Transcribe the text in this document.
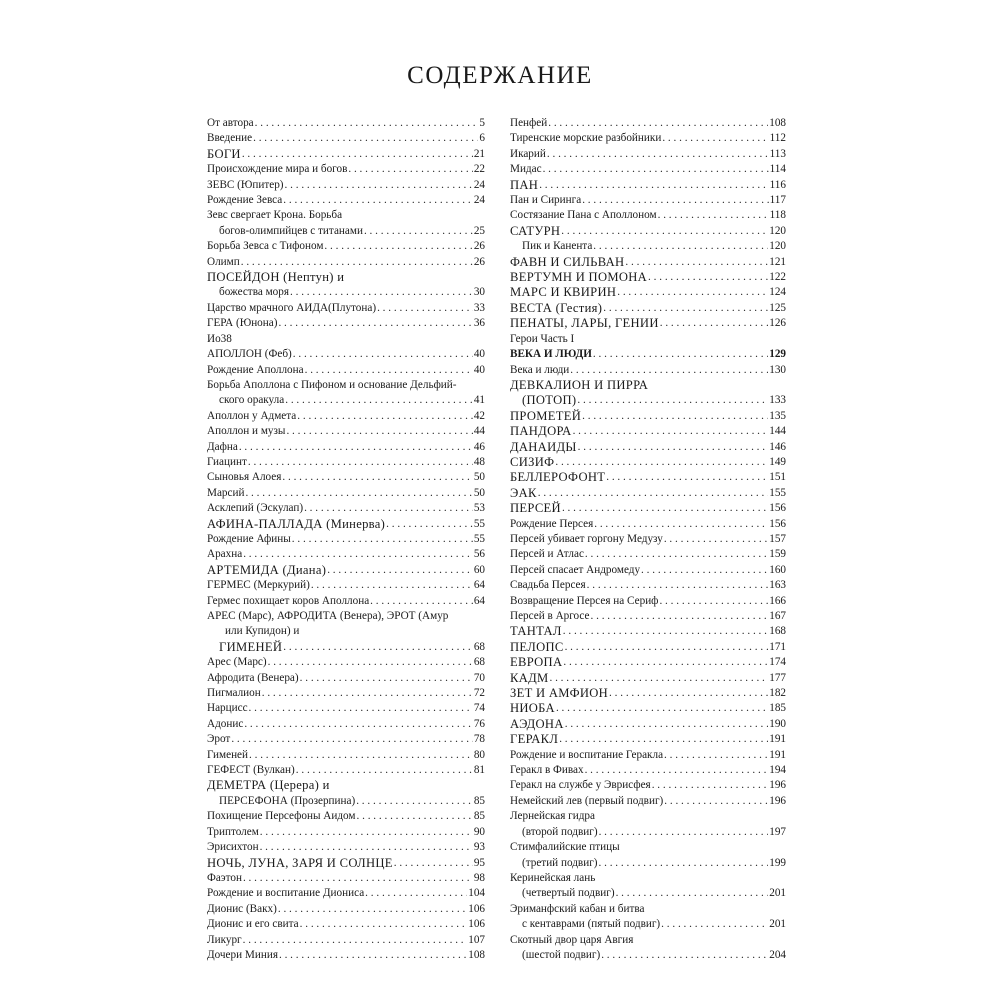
СОДЕРЖАНИЕ
От автора . . .	5
Введение . . .	6
БОГИ . . .	21
Происхождение мира и богов . . .	22
ЗЕВС (Юпитер) . . .	24
Рождение Зевса . . .	24
Зевс свергает Крона. Борьба
богов-олимпийцев с титанами . . .	25
Борьба Зевса с Тифоном . . .	26
Олимп . . .	26
ПОСЕЙДОН (Нептун) и
божества моря . . .	30
Царство мрачного АИДА(Плутона) . . .	33
ГЕРА (Юнона) . . .	36
Ио38
АПОЛЛОН (Феб) . . .	40
Рождение Аполлона . . .	40
Борьба Аполлона с Пифоном и основание Дельфий-
ского оракула . . .	41
Аполлон у Адмета . . .	42
Аполлон и музы . . .	44
Дафна . . .	46
Гиацинт . . .	48
Сыновья Алоея . . .	50
Марсий . . .	50
Асклепий (Эскулап) . . .	53
АФИНА-ПАЛЛАДА (Минерва) . . .	55
Рождение Афины . . .	55
Арахна . . .	56
АРТЕМИДА (Диана) . . .	60
ГЕРМЕС (Меркурий) . . .	64
Гермес похищает коров Аполлона . . .	64
АРЕС (Марс), АФРОДИТА (Венера), ЭРОТ (Амур
или Купидон) и
ГИМЕНЕЙ . . .	68
Арес (Марс) . . .	68
Афродита (Венера) . . .	70
Пигмалион . . .	72
Нарцисс . . .	74
Адонис . . .	76
Эрот . . .	78
Гименей . . .	80
ГЕФЕСТ (Вулкан) . . .	81
ДЕМЕТРА (Церера) и
ПЕРСЕФОНА (Прозерпина) . . .	85
Похищение Персефоны Аидом . . .	85
Триптолем . . .	90
Эрисихтон . . .	93
НОЧЬ, ЛУНА, ЗАРЯ И СОЛНЦЕ . . .	95
Фаэтон . . .	98
Рождение и воспитание Диониса . . .	104
Дионис (Вакх) . . .	106
Дионис и его свита . . .	106
Ликург . . .	107
Дочери Миния . . .	108
Пенфей . . .	108
Тиренские морские разбойники . . .	112
Икарий . . .	113
Мидас . . .	114
ПАН . . .	116
Пан и Сиринга . . .	117
Состязание Пана с Аполлоном . . .	118
САТУРН . . .	120
Пик и Канента . . .	120
ФАВН И СИЛЬВАН . . .	121
ВЕРТУМН И ПОМОНА . . .	122
МАРС И КВИРИН . . .	124
ВЕСТА (Гестия) . . .	125
ПЕНАТЫ, ЛАРЫ, ГЕНИИ . . .	126
Герои Часть I
ВЕКА И ЛЮДИ . . .	129
Века и люди . . .	130
ДЕВКАЛИОН И ПИРРА
(ПОТОП) . . .	133
ПРОМЕТЕЙ . . .	135
ПАНДОРА . . .	144
ДАНАИДЫ . . .	146
СИЗИФ . . .	149
БЕЛЛЕРОФОНТ . . .	151
ЭАК . . .	155
ПЕРСЕЙ . . .	156
Рождение Персея . . .	156
Персей убивает горгону Медузу . . .	157
Персей и Атлас . . .	159
Персей спасает Андромеду . . .	160
Свадьба Персея . . .	163
Возвращение Персея на Сериф . . .	166
Персей в Аргосе . . .	167
ТАНТАЛ . . .	168
ПЕЛОПС . . .	171
ЕВРОПА . . .	174
КАДМ . . .	177
ЗЕТ И АМФИОН . . .	182
НИОБА . . .	185
АЭДОНА . . .	190
ГЕРАКЛ . . .	191
Рождение и воспитание Геракла . . .	191
Геракл в Фивах . . .	194
Геракл на службе у Эврисфея . . .	196
Немейский лев (первый подвиг) . . .	196
Лернейская гидра
(второй подвиг) . . .	197
Стимфалийские птицы
(третий подвиг) . . .	199
Керинейская лань
(четвертый подвиг) . . .	201
Эриманфский кабан и битва
с кентаврами (пятый подвиг) . . .	201
Скотный двор царя Авгия
(шестой подвиг) . . .	204
